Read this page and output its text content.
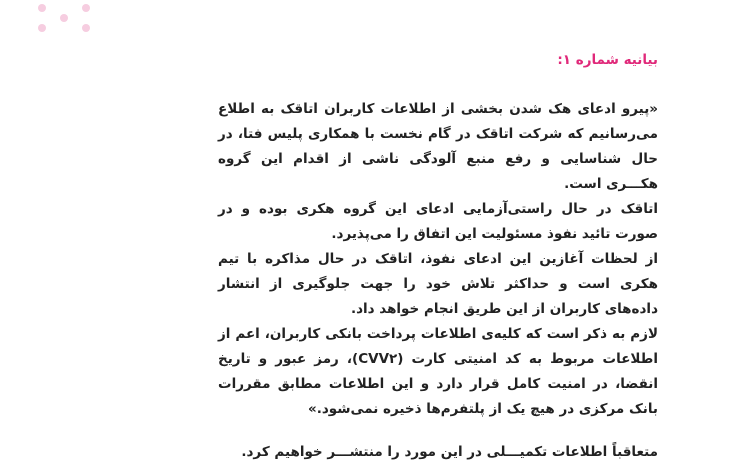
بیانیه شماره ۱:

«پیرو ادعای هک شدن بخشی از اطلاعات کاربران اتاقک به اطلاع می‌رسانیم که شرکت اتاقک در گام نخست با همکاری پلیس فتا، در حال شناسایی و رفع منبع آلودگی ناشی از اقدام این گروه هکـــری است.

اتاقک در حال راستی‌آزمایی ادعای این گروه هکری بوده و در صورت تائید نفوذ مسئولیت این اتفاق را می‌پذیرد.

از لحظات آغازین این ادعای نفوذ، اتاقک در حال مذاکره با تیم هکری است و حداکثر تلاش خود را جهت جلوگیری از انتشار داده‌های کاربران از این طریق انجام خواهد داد.

لازم به ذکر است که کلیه‌ی اطلاعات پرداخت بانکی کاربران، اعم از اطلاعات مربوط به کد امنیتی کارت (CVV۲)، رمز عبور و تاریخ انقضا، در امنیت کامل قرار دارد و این اطلاعات مطابق مقررات بانک مرکزی در هیچ یک از پلتفرم‌ها ذخیره نمی‌شود.»

متعاقباً اطلاعات تکمیـــلی در این مورد را منتشـــر خواهیم کرد.
